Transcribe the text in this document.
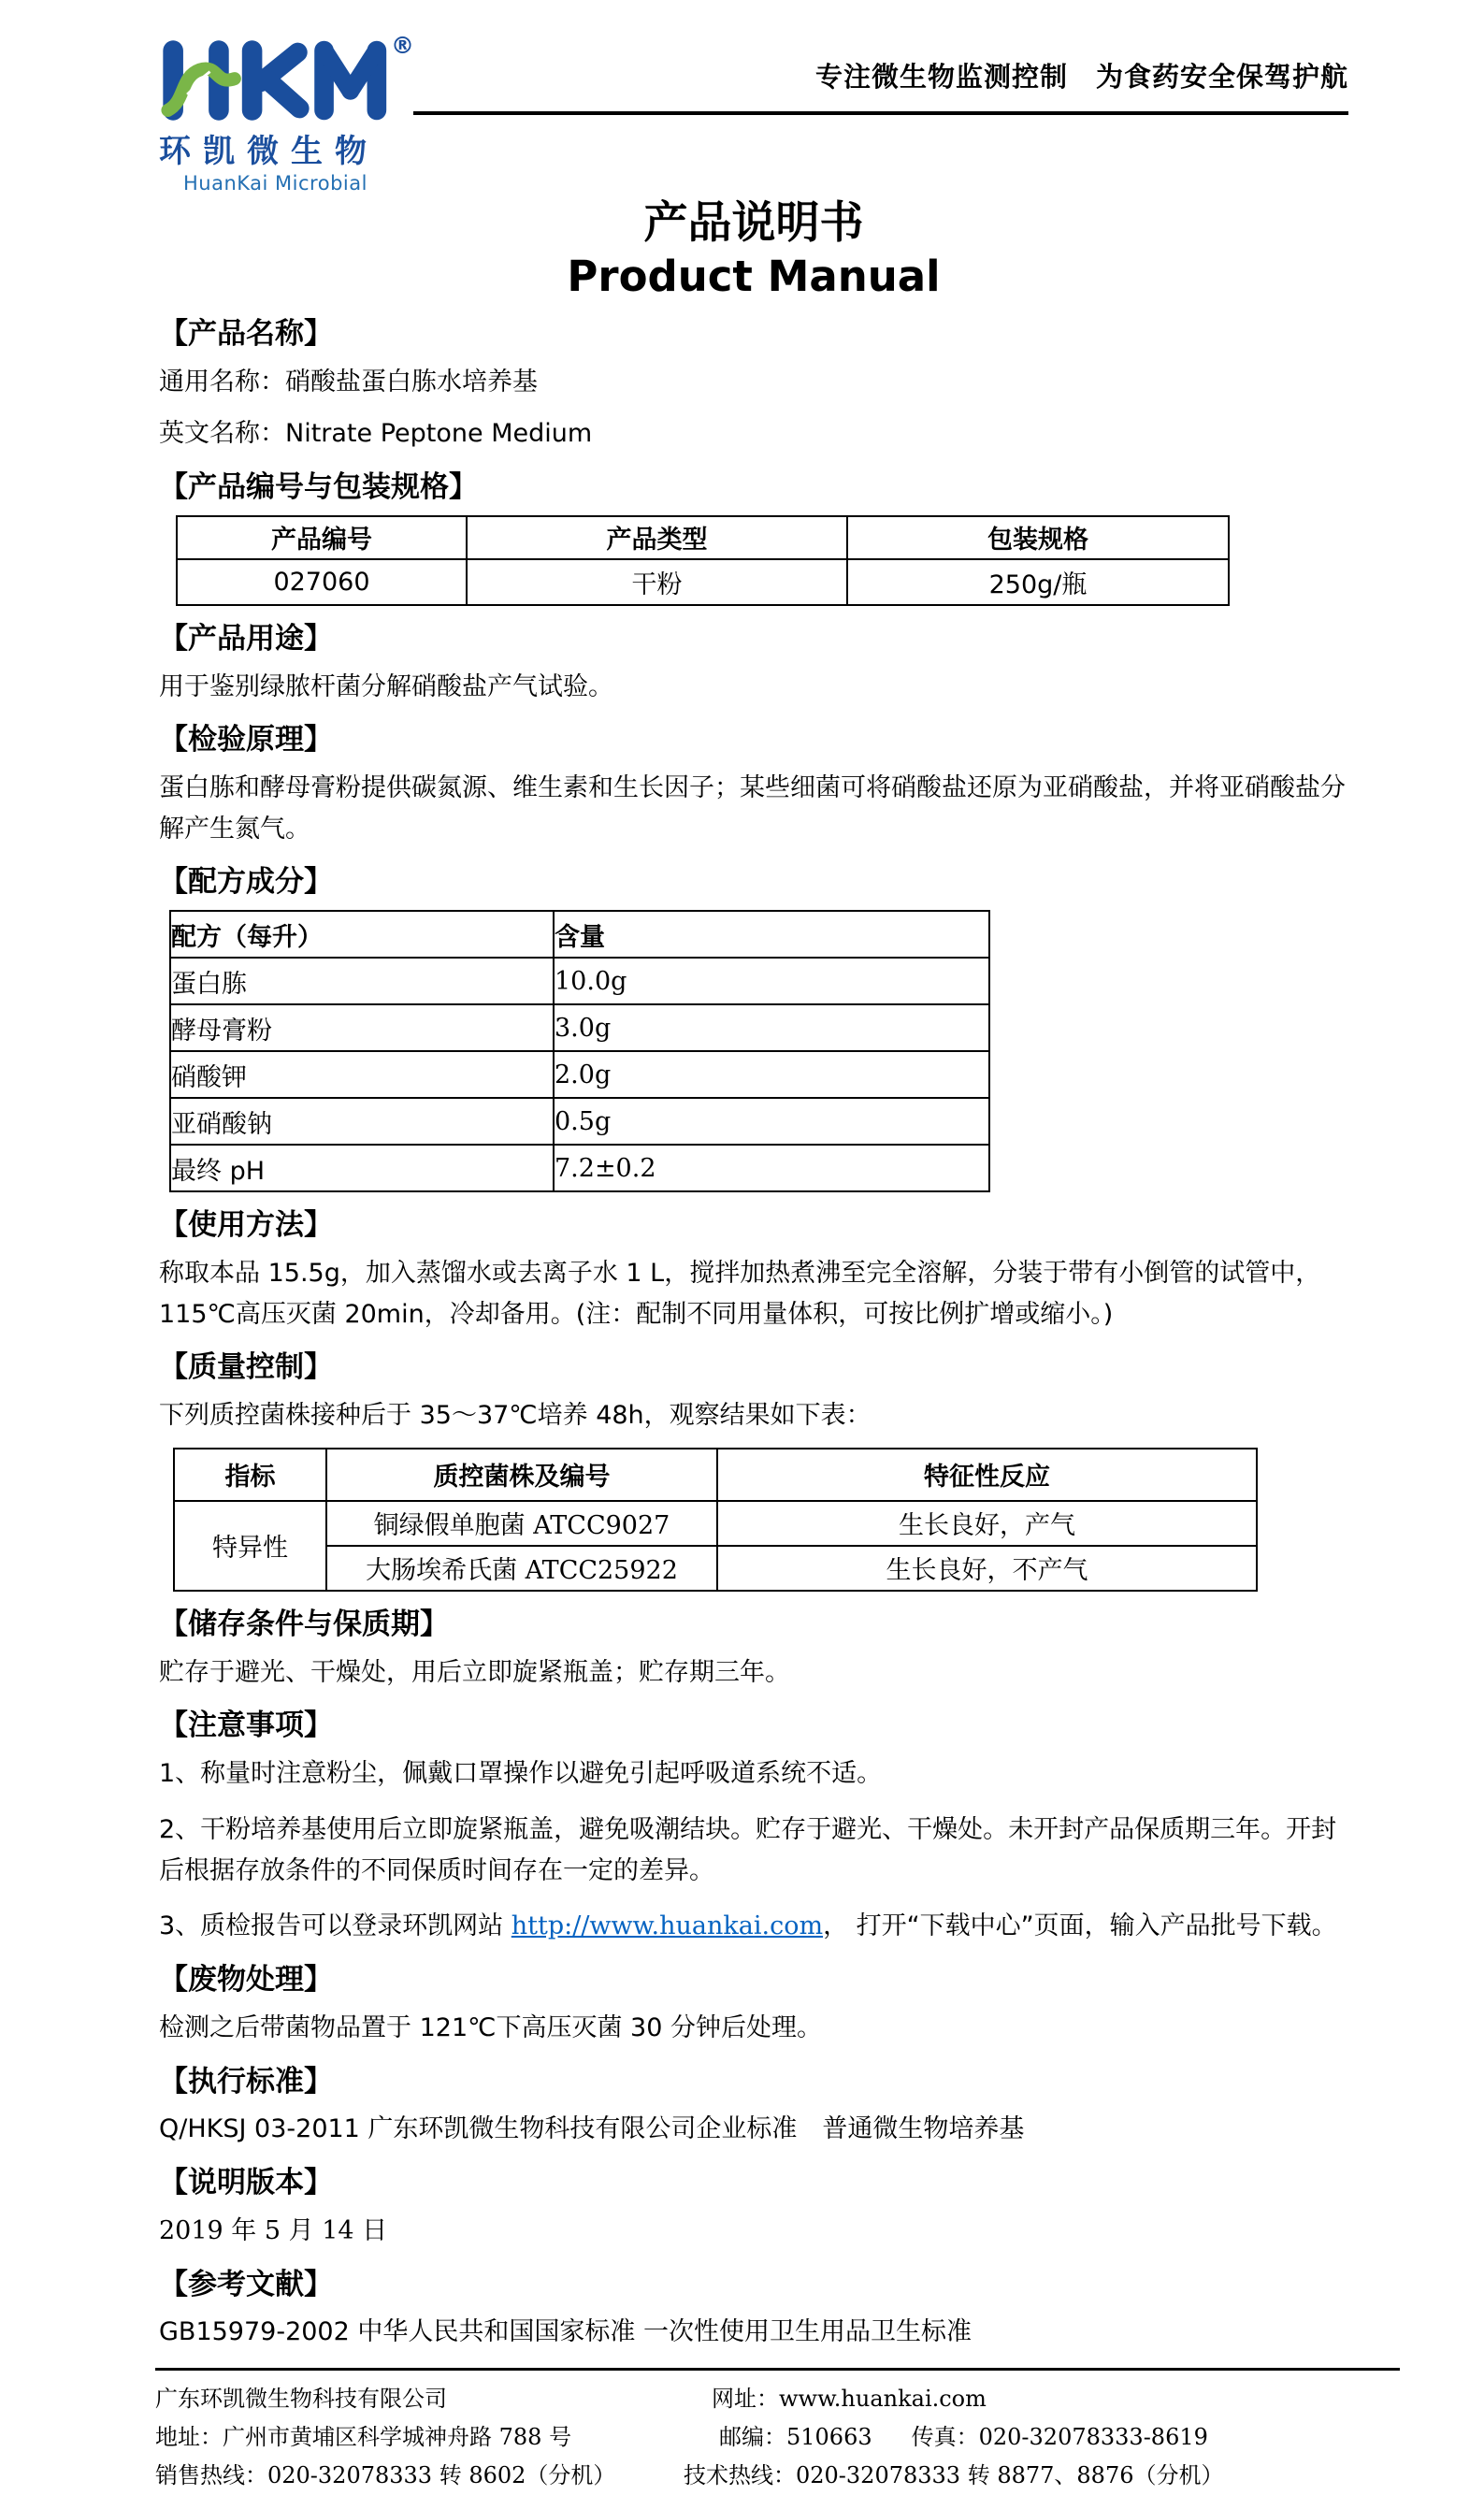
®
环凯微生物
HuanKai Microbial
专注微生物监测控制　为食药安全保驾护航
产品说明书
Product Manual
【产品名称】

通用名称：硝酸盐蛋白胨水培养基

英文名称：Nitrate Peptone Medium

【产品编号与包装规格】
产品编号	产品类型	包装规格
027060	干粉	250g/瓶
【产品用途】

用于鉴别绿脓杆菌分解硝酸盐产气试验。

【检验原理】

蛋白胨和酵母膏粉提供碳氮源、维生素和生长因子；某些细菌可将硝酸盐还原为亚硝酸盐，并将亚硝酸盐分解产生氮气。

【配方成分】
配方（每升）	含量
蛋白胨	10.0g
酵母膏粉	3.0g
硝酸钾	2.0g
亚硝酸钠	0.5g
最终 pH	7.2±0.2
【使用方法】

称取本品 15.5g，加入蒸馏水或去离子水 1 L，搅拌加热煮沸至完全溶解，分装于带有小倒管的试管中，115℃高压灭菌 20min，冷却备用。(注：配制不同用量体积，可按比例扩增或缩小。)

【质量控制】

下列质控菌株接种后于 35～37℃培养 48h，观察结果如下表：

指标	质控菌株及编号	特征性反应
特异性	铜绿假单胞菌 ATCC9027	生长良好，产气
	大肠埃希氏菌 ATCC25922	生长良好，不产气
【储存条件与保质期】

贮存于避光、干燥处，用后立即旋紧瓶盖；贮存期三年。

【注意事项】

1、称量时注意粉尘，佩戴口罩操作以避免引起呼吸道系统不适。

2、干粉培养基使用后立即旋紧瓶盖，避免吸潮结块。贮存于避光、干燥处。未开封产品保质期三年。开封后根据存放条件的不同保质时间存在一定的差异。

3、质检报告可以登录环凯网站 http://www.huankai.com， 打开“下载中心”页面，输入产品批号下载。

【废物处理】

检测之后带菌物品置于 121℃下高压灭菌 30 分钟后处理。

【执行标准】

Q/HKSJ 03-2011 广东环凯微生物科技有限公司企业标准　普通微生物培养基

【说明版本】

2019 年 5 月 14 日

【参考文献】

GB15979-2002 中华人民共和国国家标准 一次性使用卫生用品卫生标准

广东环凯微生物科技有限公司	网址：www.huankai.com
地址：广州市黄埔区科学城神舟路 788 号	邮编：510663 传真：020-32078333-8619
销售热线：020-32078333 转 8602（分机）	技术热线：020-32078333 转 8877、8876（分机）
